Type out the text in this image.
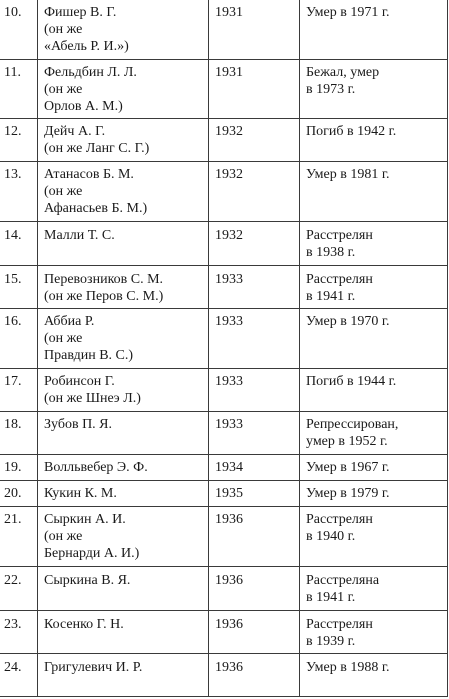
10.	Фишер В. Г.
(он же
«Абель Р. И.»)	1931	Умер в 1971 г.

11.	Фельдбин Л. Л.
(он же
Орлов А. М.)	1931	Бежал, умер
в 1973 г.

12.	Дейч А. Г.
(он же Ланг С. Г.)	1932	Погиб в 1942 г.

13.	Атанасов Б. М.
(он же
Афанасьев Б. М.)	1932	Умер в 1981 г.

14.	Малли Т. С.	1932	Расстрелян
в 1938 г.

15.	Перевозников С. М.
(он же Перов С. М.)	1933	Расстрелян
в 1941 г.

16.	Аббиа Р.
(он же
Правдин В. С.)	1933	Умер в 1970 г.

17.	Робинсон Г.
(он же Шнеэ Л.)	1933	Погиб в 1944 г.

18.	Зубов П. Я.	1933	Репрессирован,
умер в 1952 г.

19.	Волльвебер Э. Ф.	1934	Умер в 1967 г.

20.	Кукин К. М.	1935	Умер в 1979 г.

21.	Сыркин А. И.
(он же
Бернарди А. И.)	1936	Расстрелян
в 1940 г.

22.	Сыркина В. Я.	1936	Расстреляна
в 1941 г.

23.	Косенко Г. Н.	1936	Расстрелян
в 1939 г.

24.	Григулевич И. Р.	1936	Умер в 1988 г.
